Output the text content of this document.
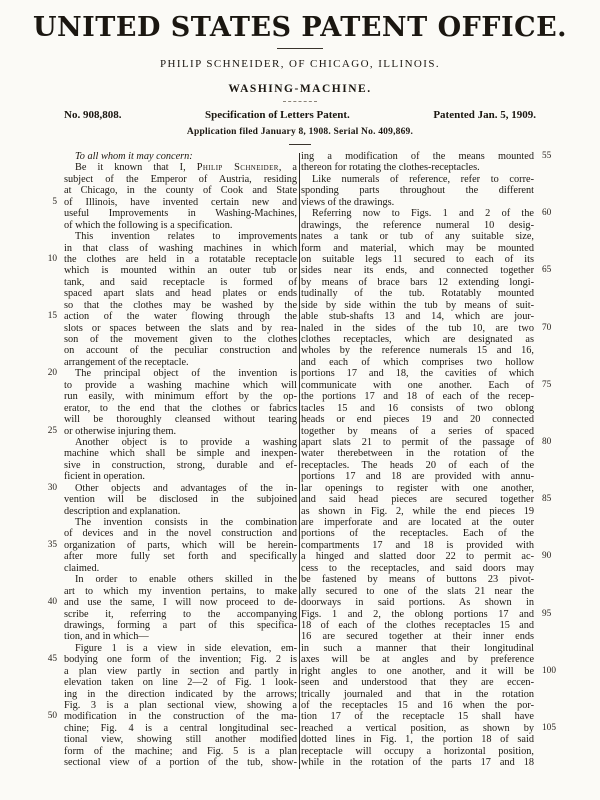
UNITED STATES PATENT OFFICE.
PHILIP SCHNEIDER, OF CHICAGO, ILLINOIS.
WASHING-MACHINE.
No. 908,808.	Specification of Letters Patent.	Patented Jan. 5, 1909.
Application filed January 8, 1908. Serial No. 409,869.
To all whom it may concern:
Be it known that I, Philip Schneider, a
subject of the Emperor of Austria, residing
at Chicago, in the county of Cook and State
5 of Illinois, have invented certain new and
useful Improvements in Washing-Machines,
of which the following is a specification.
This invention relates to improvements
in that class of washing machines in which
10 the clothes are held in a rotatable receptacle
which is mounted within an outer tub or
tank, and said receptacle is formed of
spaced apart slats and head plates or ends
so that the clothes may be washed by the
15 action of the water flowing through the
slots or spaces between the slats and by rea-
son of the movement given to the clothes
on account of the peculiar construction and
arrangement of the receptacle.
20	The principal object of the invention is
to provide a washing machine which will
run easily, with minimum effort by the op-
erator, to the end that the clothes or fabrics
will be thoroughly cleansed without tearing
25 or otherwise injuring them.
Another object is to provide a washing
machine which shall be simple and inexpen-
sive in construction, strong, durable and ef-
ficient in operation.
30	Other objects and advantages of the in-
vention will be disclosed in the subjoined
description and explanation.
The invention consists in the combination
of devices and in the novel construction and
35 organization of parts, which will be herein-
after more fully set forth and specifically
claimed.
In order to enable others skilled in the
art to which my invention pertains, to make
40 and use the same, I will now proceed to de-
scribe it, referring to the accompanying
drawings, forming a part of this specifica-
tion, and in which—
Figure 1 is a view in side elevation, em-
45 bodying one form of the invention; Fig. 2 is
a plan view partly in section and partly in
elevation taken on line 2—2 of Fig. 1 look-
ing in the direction indicated by the arrows;
Fig. 3 is a plan sectional view, showing a
50 modification in the construction of the ma-
chine; Fig. 4 is a central longitudinal sec-
tional view, showing still another modified
form of the machine; and Fig. 5 is a plan
sectional view of a portion of the tub, show-
ing a modification of the means mounted 55
thereon for rotating the clothes-receptacles.
Like numerals of reference, refer to corre-
sponding parts throughout the different
views of the drawings.
Referring now to Figs. 1 and 2 of the 60
drawings, the reference numeral 10 desig-
nates a tank or tub of any suitable size,
form and material, which may be mounted
on suitable legs 11 secured to each of its
sides near its ends, and connected together 65
by means of brace bars 12 extending longi-
tudinally of the tub. Rotatably mounted
side by side within the tub by means of suit-
able stub-shafts 13 and 14, which are jour-
naled in the sides of the tub 10, are two 70
clothes receptacles, which are designated as
wholes by the reference numerals 15 and 16,
and each of which comprises two hollow
portions 17 and 18, the cavities of which
communicate with one another. Each of 75
the portions 17 and 18 of each of the recep-
tacles 15 and 16 consists of two oblong
heads or end pieces 19 and 20 connected
together by means of a series of spaced
apart slats 21 to permit of the passage of 80
water therebetween in the rotation of the
receptacles. The heads 20 of each of the
portions 17 and 18 are provided with annu-
lar openings to register with one another,
and said head pieces are secured together 85
as shown in Fig. 2, while the end pieces 19
are imperforate and are located at the outer
portions of the receptacles. Each of the
compartments 17 and 18 is provided with
a hinged and slatted door 22 to permit ac- 90
cess to the receptacles, and said doors may
be fastened by means of buttons 23 pivot-
ally secured to one of the slats 21 near the
doorways in said portions. As shown in
Figs. 1 and 2, the oblong portions 17 and 95
18 of each of the clothes receptacles 15 and
16 are secured together at their inner ends
in such a manner that their longitudinal
axes will be at angles and by preference
right angles to one another, and it will be 100
seen and understood that they are eccen-
trically journaled and that in the rotation
of the receptacles 15 and 16 when the por-
tion 17 of the receptacle 15 shall have
reached a vertical position, as shown by 105
dotted lines in Fig. 1, the portion 18 of said
receptacle will occupy a horizontal position,
while in the rotation of the parts 17 and 18
